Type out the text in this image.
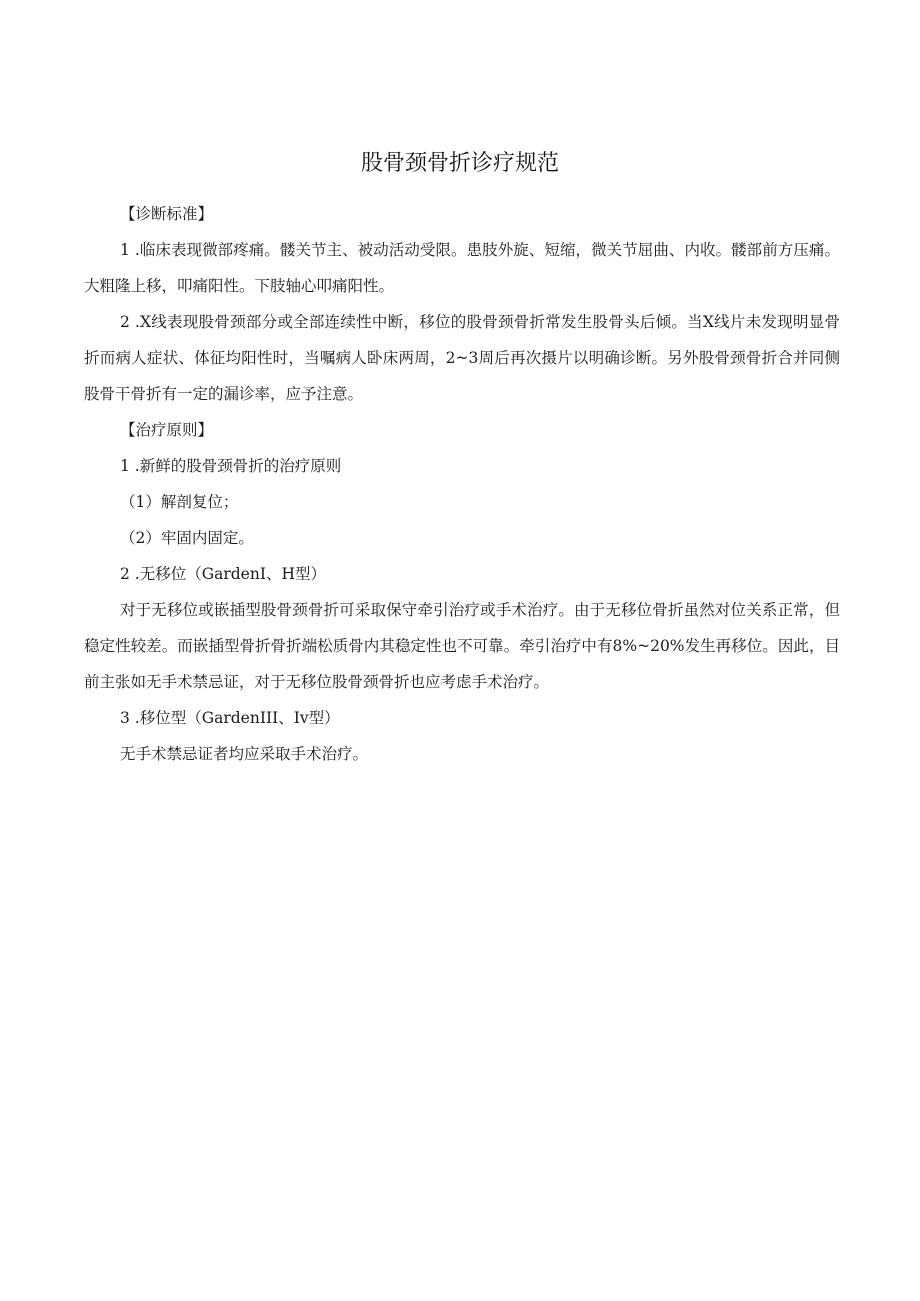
股骨颈骨折诊疗规范
【诊断标准】

1 .临床表现微部疼痛。髅关节主、被动活动受限。患肢外旋、短缩，微关节屈曲、内收。髅部前方压痛。大粗隆上移，叩痛阳性。下肢轴心叩痛阳性。

2 .X线表现股骨颈部分或全部连续性中断，移位的股骨颈骨折常发生股骨头后倾。当X线片未发现明显骨折而病人症状、体征均阳性时，当嘱病人卧床两周，2~3周后再次摄片以明确诊断。另外股骨颈骨折合并同侧股骨干骨折有一定的漏诊率，应予注意。

【治疗原则】
1 .新鲜的股骨颈骨折的治疗原则
（1）解剖复位；
（2）牢固内固定。
2 .无移位（GardenI、H型）

对于无移位或嵌插型股骨颈骨折可采取保守牵引治疗或手术治疗。由于无移位骨折虽然对位关系正常，但稳定性较差。而嵌插型骨折骨折端松质骨内其稳定性也不可靠。牵引治疗中有8%~20%发生再移位。因此，目前主张如无手术禁忌证，对于无移位股骨颈骨折也应考虑手术治疗。

3 .移位型（GardenIII、Iv型）

无手术禁忌证者均应采取手术治疗。
